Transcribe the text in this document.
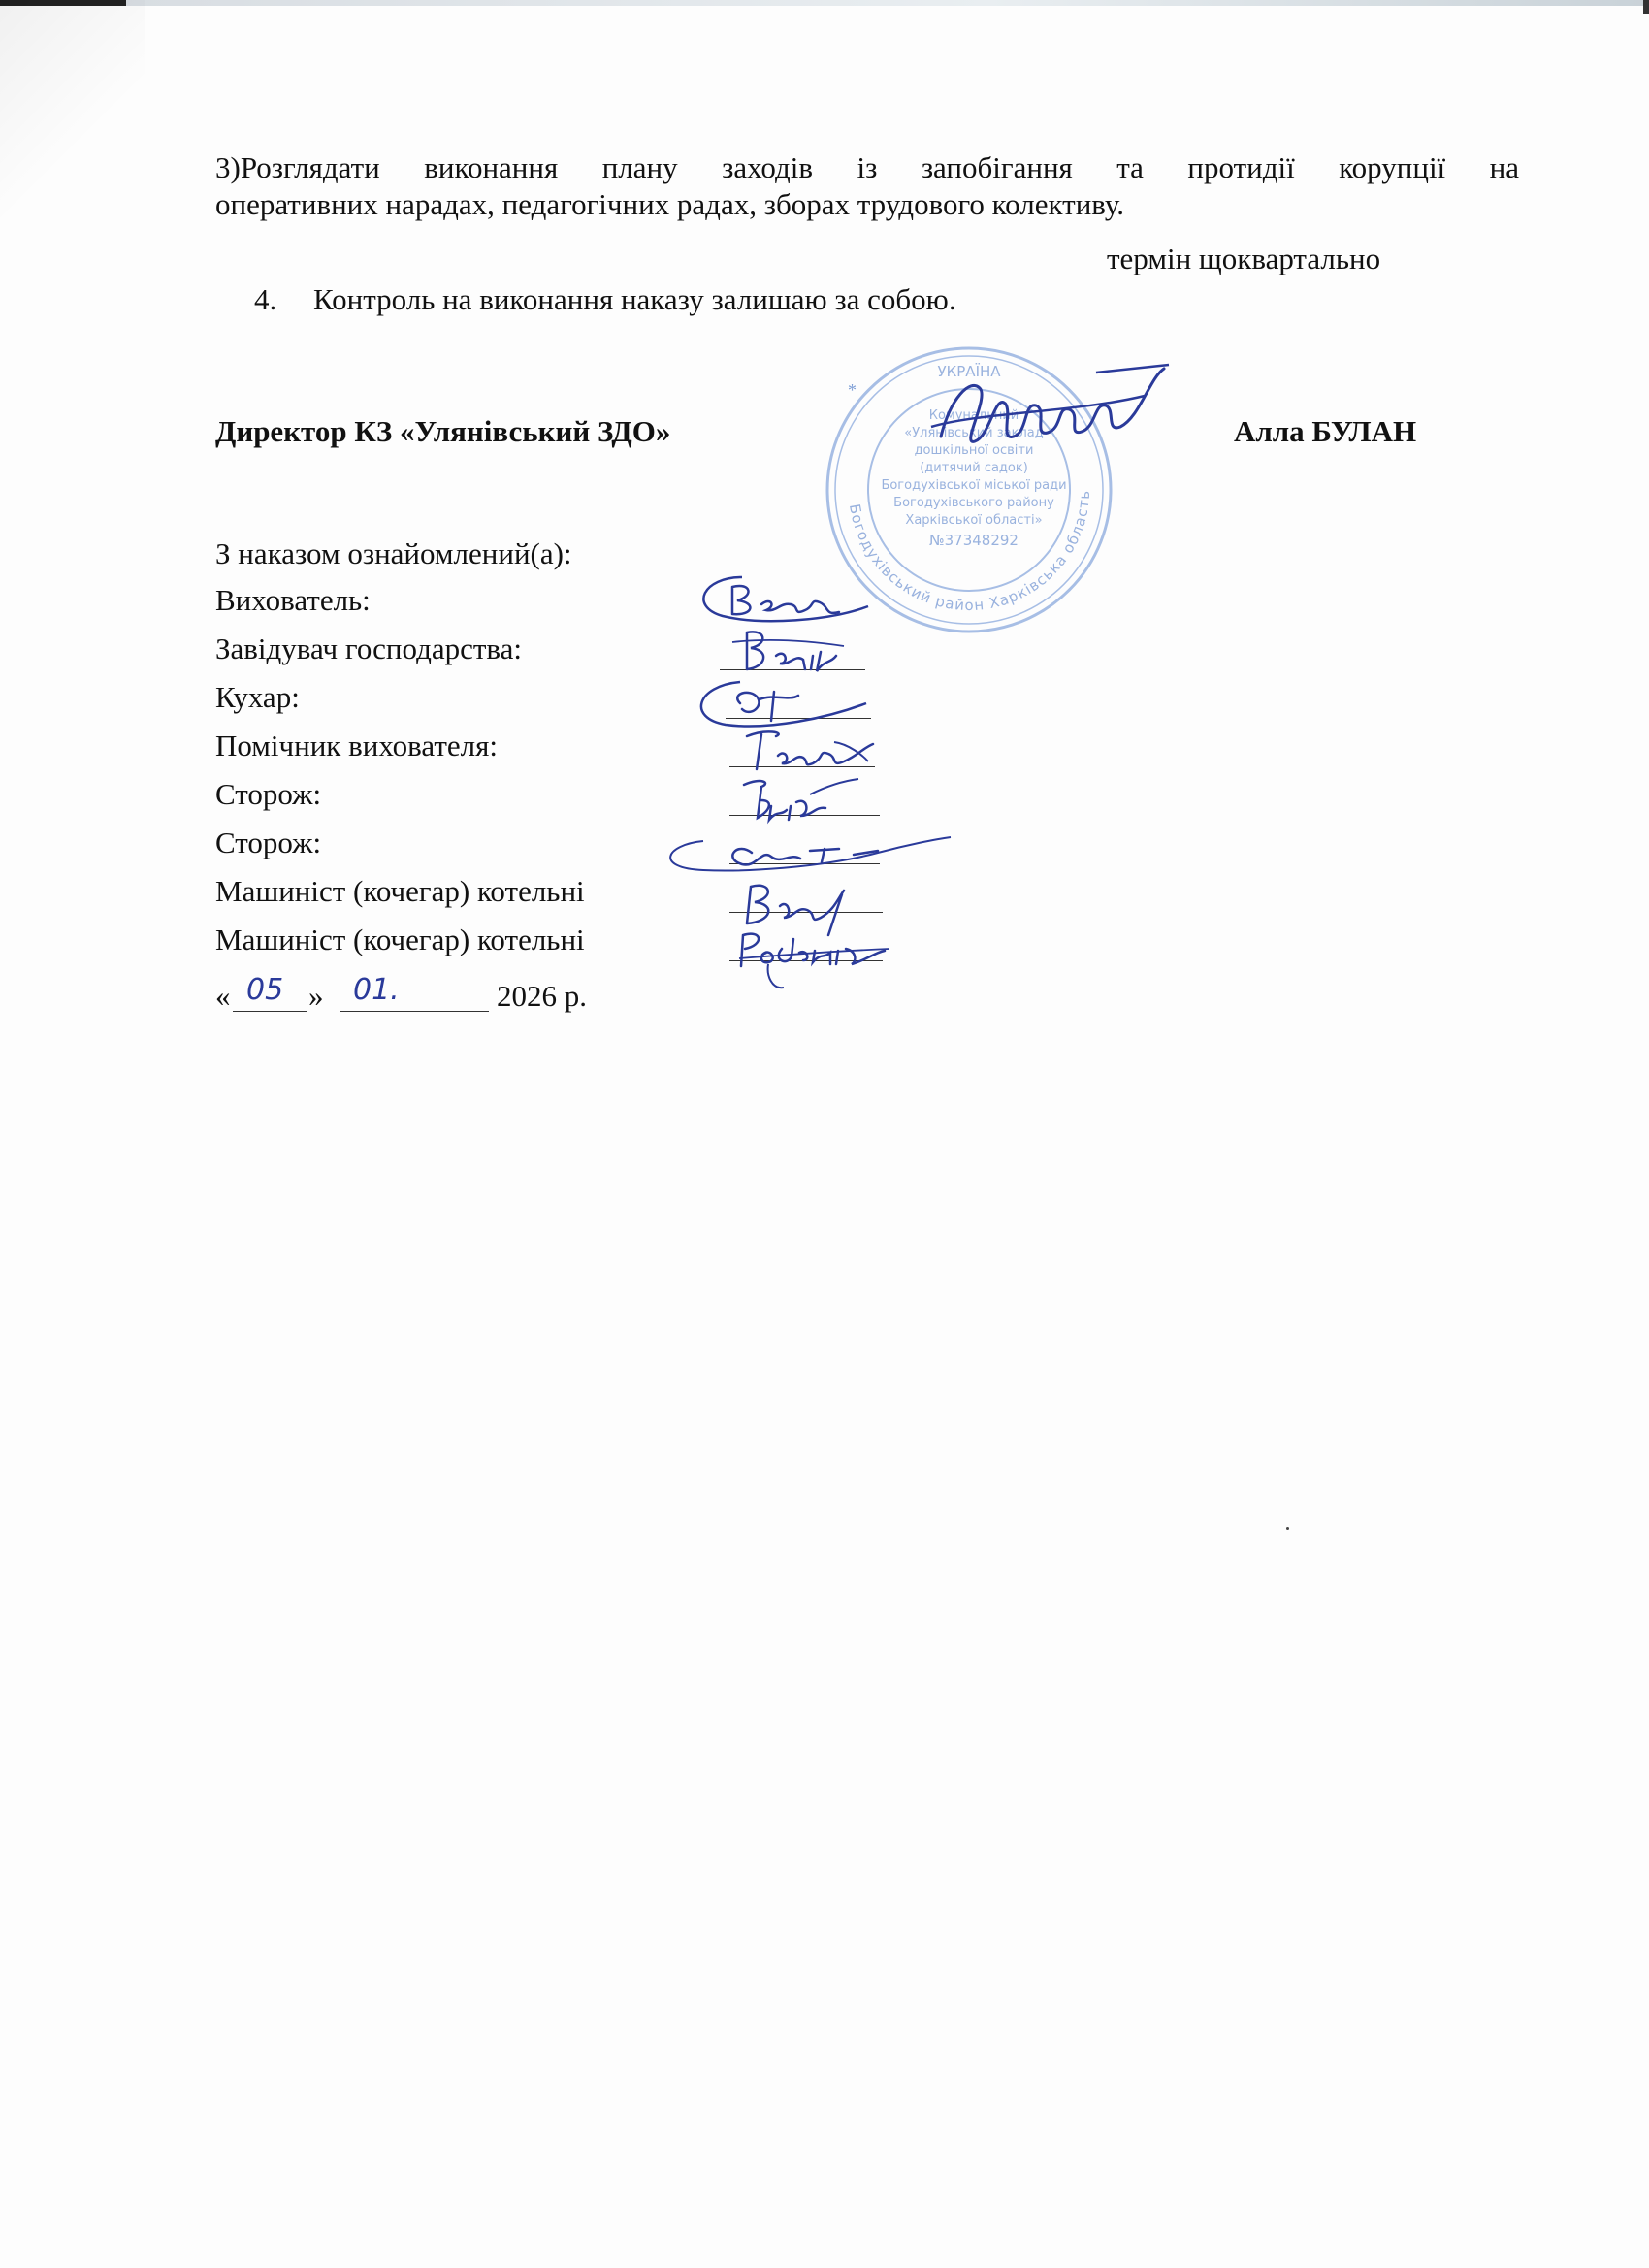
3)Розглядати виконання плану заходів із запобігання та протидії корупції на
оперативних нарадах, педагогічних радах, зборах трудового колективу.
термін щоквартально
4. Контроль на виконання наказу залишаю за собою.
Директор КЗ «Улянівський ЗДО»	Алла БУЛАН
Богодухівський район Харківська область
УКРАЇНА
Комунальний
«Улянівський заклад
дошкільної освіти
(дитячий садок)
Богодухівської міської ради
Богодухівського району
Харківської області»
№37348292
*
З наказом ознайомлений(а):
Вихователь:
Завідувач господарства:
Кухар:
Помічник вихователя:
Сторож:
Сторож:
Машиніст (кочегар) котельні
Машиніст (кочегар) котельні
« 05 » 01.	2026 р.
